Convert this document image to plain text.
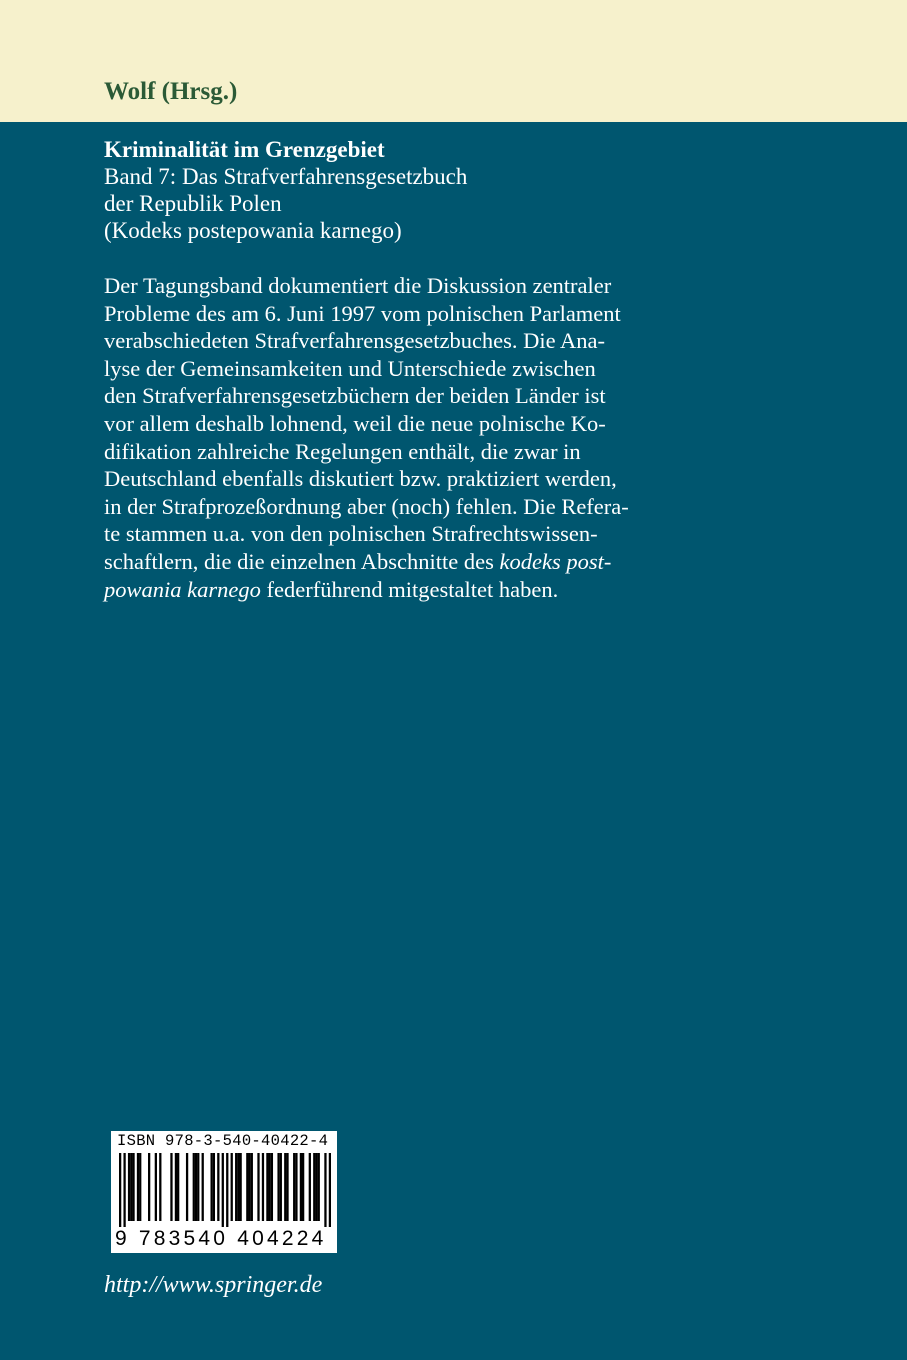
Wolf (Hrsg.)
Kriminalität im Grenzgebiet
Band 7: Das Strafverfahrensgesetzbuch
der Republik Polen
(Kodeks postepowania karnego)
Der Tagungsband dokumentiert die Diskussion zentraler
Probleme des am 6. Juni 1997 vom polnischen Parlament
verabschiedeten Strafverfahrensgesetzbuches. Die Ana-
lyse der Gemeinsamkeiten und Unterschiede zwischen
den Strafverfahrensgesetzbüchern der beiden Länder ist
vor allem deshalb lohnend, weil die neue polnische Ko-
difikation zahlreiche Regelungen enthält, die zwar in
Deutschland ebenfalls diskutiert bzw. praktiziert werden,
in der Strafprozeßordnung aber (noch) fehlen. Die Refera-
te stammen u.a. von den polnischen Strafrechtswissen-
schaftlern, die die einzelnen Abschnitte des kodeks post-
powania karnego federführend mitgestaltet haben.
ISBN 978-3-540-40422-4
9 783540 404224
http://www.springer.de
